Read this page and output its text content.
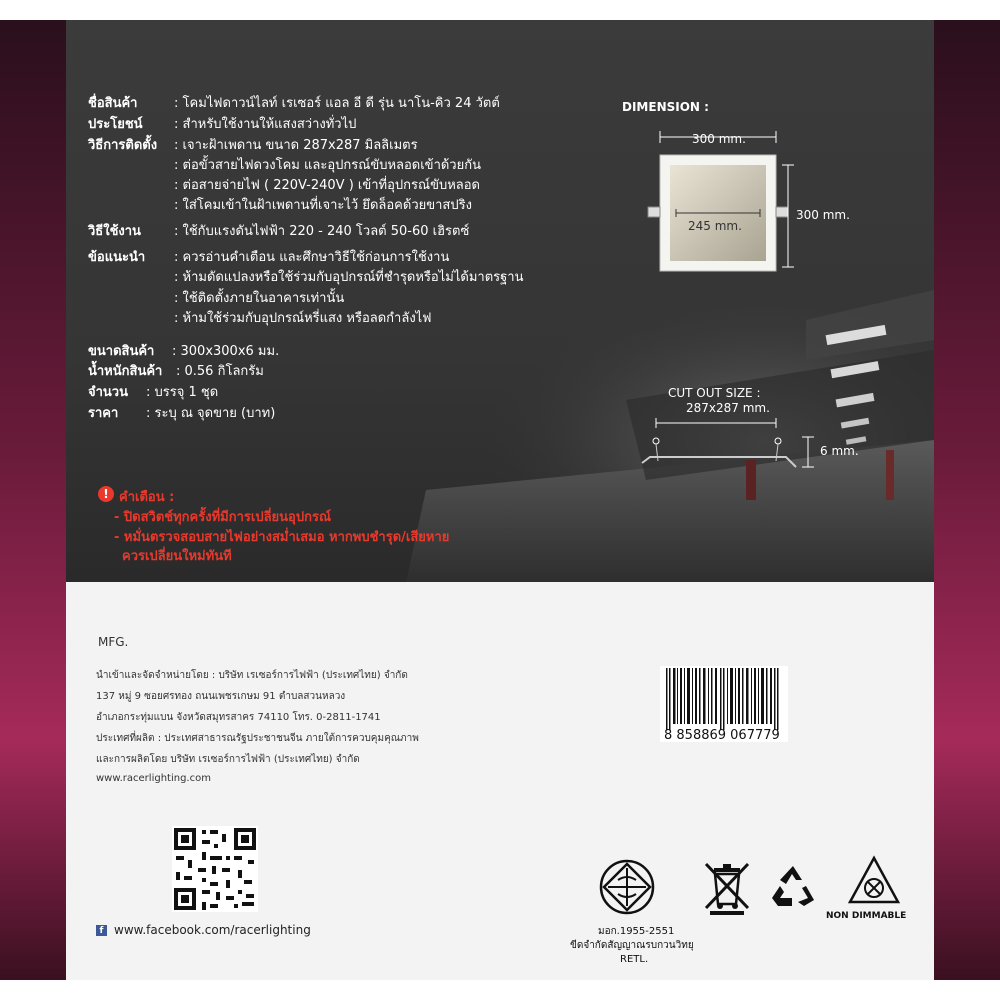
ชื่อสินค้า	: โคมไฟดาวน์ไลท์ เรเซอร์ แอล อี ดี รุ่น นาโน-คิว 24 วัตต์
ประโยชน์ : สำหรับใช้งานให้แสงสว่างทั่วไป
วิธีการติดตั้ง : เจาะฝ้าเพดาน ขนาด 287x287 มิลลิเมตร
: ต่อขั้วสายไฟดวงโคม และอุปกรณ์ขับหลอดเข้าด้วยกัน
: ต่อสายจ่ายไฟ ( 220V-240V ) เข้าที่อุปกรณ์ขับหลอด
: ใส่โคมเข้าในฝ้าเพดานที่เจาะไว้ ยึดล็อคด้วยขาสปริง
วิธีใช้งาน	: ใช้กับแรงดันไฟฟ้า 220 - 240 โวลต์ 50-60 เฮิรตซ์
ข้อแนะนำ : ควรอ่านคำเตือน และศึกษาวิธีใช้ก่อนการใช้งาน
: ห้ามดัดแปลงหรือใช้ร่วมกับอุปกรณ์ที่ชำรุดหรือไม่ได้มาตรฐาน
: ใช้ติดตั้งภายในอาคารเท่านั้น
: ห้ามใช้ร่วมกับอุปกรณ์หรี่แสง หรือลดกำลังไฟ
ขนาดสินค้า : 300x300x6 มม.
น้ำหนักสินค้า : 0.56 กิโลกรัม
จำนวน : บรรจุ 1 ชุด
ราคา : ระบุ ณ จุดขาย (บาท)
! คำเตือน :
- ปิดสวิตช์ทุกครั้งที่มีการเปลี่ยนอุปกรณ์
- หมั่นตรวจสอบสายไฟอย่างสม่ำเสมอ หากพบชำรุด/เสียหาย
ควรเปลี่ยนใหม่ทันที
DIMENSION :
300 mm.
300 mm.
245 mm.
CUT OUT SIZE :
287x287 mm.
6 mm.
MFG.
นำเข้าและจัดจำหน่ายโดย : บริษัท เรเซอร์การไฟฟ้า (ประเทศไทย) จำกัด
137 หมู่ 9 ซอยศรทอง ถนนเพชรเกษม 91 ตำบลสวนหลวง
อำเภอกระทุ่มแบน จังหวัดสมุทรสาคร 74110 โทร. 0-2811-1741
ประเทศที่ผลิต : ประเทศสาธารณรัฐประชาชนจีน ภายใต้การควบคุมคุณภาพ
และการผลิตโดย บริษัท เรเซอร์การไฟฟ้า (ประเทศไทย) จำกัด
www.racerlighting.com
8 858869 067779
f www.facebook.com/racerlighting	มอก.1955-2551
ขีดจำกัดสัญญาณรบกวนวิทยุ
RETL.
NON DIMMABLE
